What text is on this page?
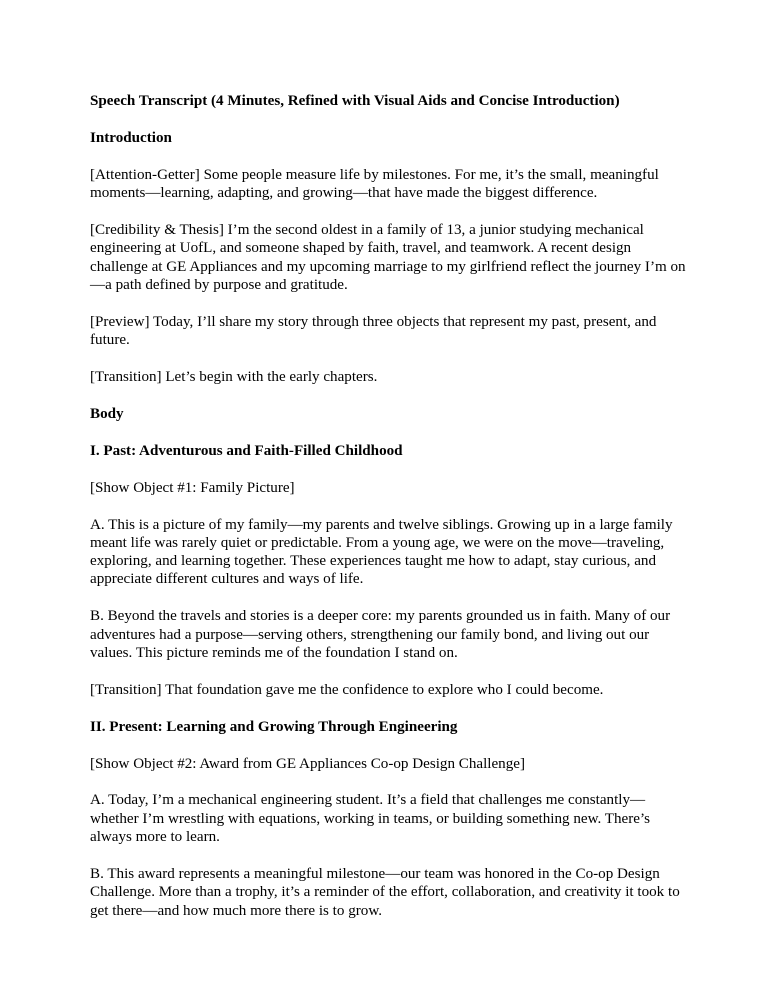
Speech Transcript (4 Minutes, Refined with Visual Aids and Concise Introduction)

Introduction

[Attention-Getter] Some people measure life by milestones. For me, it’s the small, meaningful moments—learning, adapting, and growing—that have made the biggest difference.

[Credibility & Thesis] I’m the second oldest in a family of 13, a junior studying mechanical engineering at UofL, and someone shaped by faith, travel, and teamwork. A recent design challenge at GE Appliances and my upcoming marriage to my girlfriend reflect the journey I’m on—a path defined by purpose and gratitude.

[Preview] Today, I’ll share my story through three objects that represent my past, present, and future.

[Transition] Let’s begin with the early chapters.

Body

I. Past: Adventurous and Faith-Filled Childhood

[Show Object #1: Family Picture]

A. This is a picture of my family—my parents and twelve siblings. Growing up in a large family meant life was rarely quiet or predictable. From a young age, we were on the move—traveling, exploring, and learning together. These experiences taught me how to adapt, stay curious, and appreciate different cultures and ways of life.

B. Beyond the travels and stories is a deeper core: my parents grounded us in faith. Many of our adventures had a purpose—serving others, strengthening our family bond, and living out our values. This picture reminds me of the foundation I stand on.

[Transition] That foundation gave me the confidence to explore who I could become.

II. Present: Learning and Growing Through Engineering

[Show Object #2: Award from GE Appliances Co-op Design Challenge]

A. Today, I’m a mechanical engineering student. It’s a field that challenges me constantly—whether I’m wrestling with equations, working in teams, or building something new. There’s always more to learn.

B. This award represents a meaningful milestone—our team was honored in the Co-op Design Challenge. More than a trophy, it’s a reminder of the effort, collaboration, and creativity it took to get there—and how much more there is to grow.
